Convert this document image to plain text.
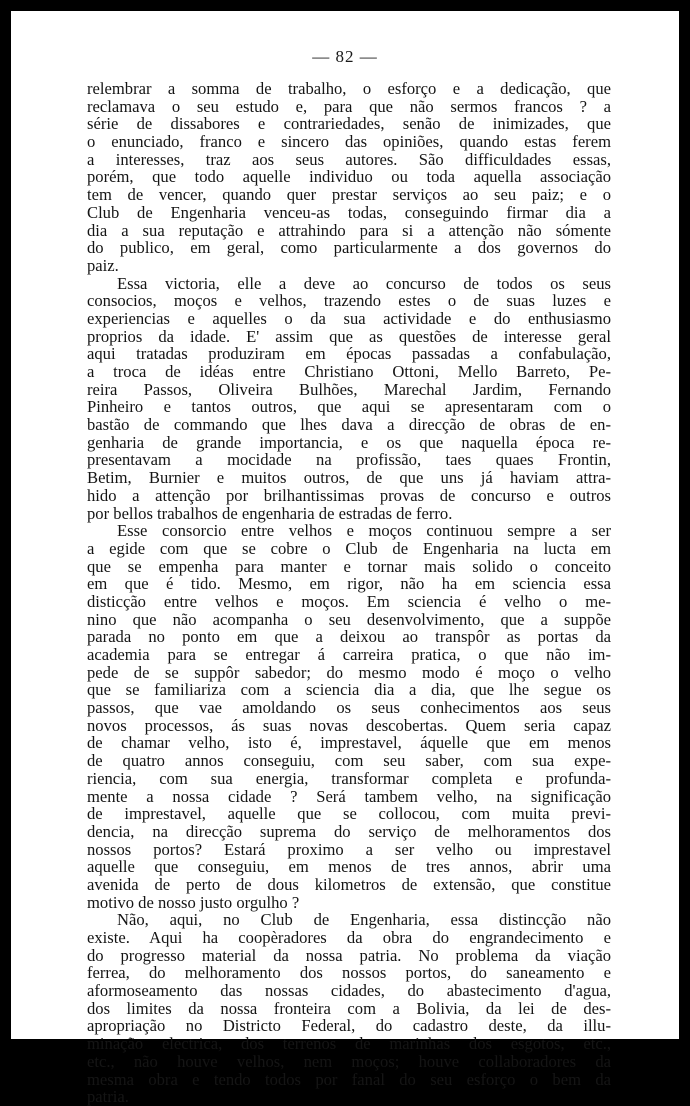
— 82 —
relembrar a somma de trabalho, o esforço e a dedicação, que
reclamava o seu estudo e, para que não sermos francos ? a
série de dissabores e contrariedades, senão de inimizades, que
o enunciado, franco e sincero das opiniões, quando estas ferem
a interesses, traz aos seus autores. São difficuldades essas,
porém, que todo aquelle individuo ou toda aquella associação
tem de vencer, quando quer prestar serviços ao seu paiz; e o
Club de Engenharia venceu-as todas, conseguindo firmar dia a
dia a sua reputação e attrahindo para si a attenção não sómente
do publico, em geral, como particularmente a dos governos do
paiz.
Essa victoria, elle a deve ao concurso de todos os seus
consocios, moços e velhos, trazendo estes o de suas luzes e
experiencias e aquelles o da sua actividade e do enthusiasmo
proprios da idade. E' assim que as questões de interesse geral
aqui tratadas produziram em épocas passadas a confabulação,
a troca de idéas entre Christiano Ottoni, Mello Barreto, Pe-
reira Passos, Oliveira Bulhões, Marechal Jardim, Fernando
Pinheiro e tantos outros, que aqui se apresentaram com o
bastão de commando que lhes dava a direcção de obras de en-
genharia de grande importancia, e os que naquella época re-
presentavam a mocidade na profissão, taes quaes Frontin,
Betim, Burnier e muitos outros, de que uns já haviam attra-
hido a attenção por brilhantissimas provas de concurso e outros
por bellos trabalhos de engenharia de estradas de ferro.
Esse consorcio entre velhos e moços continuou sempre a ser
a egide com que se cobre o Club de Engenharia na lucta em
que se empenha para manter e tornar mais solido o conceito
em que é tido. Mesmo, em rigor, não ha em sciencia essa
disticção entre velhos e moços. Em sciencia é velho o me-
nino que não acompanha o seu desenvolvimento, que a suppõe
parada no ponto em que a deixou ao transpôr as portas da
academia para se entregar á carreira pratica, o que não im-
pede de se suppôr sabedor; do mesmo modo é moço o velho
que se familiariza com a sciencia dia a dia, que lhe segue os
passos, que vae amoldando os seus conhecimentos aos seus
novos processos, ás suas novas descobertas. Quem seria capaz
de chamar velho, isto é, imprestavel, áquelle que em menos
de quatro annos conseguiu, com seu saber, com sua expe-
riencia, com sua energia, transformar completa e profunda-
mente a nossa cidade ? Será tambem velho, na significação
de imprestavel, aquelle que se collocou, com muita previ-
dencia, na direcção suprema do serviço de melhoramentos dos
nossos portos? Estará proximo a ser velho ou imprestavel
aquelle que conseguiu, em menos de tres annos, abrir uma
avenida de perto de dous kilometros de extensão, que constitue
motivo de nosso justo orgulho ?
Não, aqui, no Club de Engenharia, essa distincção não
existe. Aqui ha coopèradores da obra do engrandecimento e
do progresso material da nossa patria. No problema da viação
ferrea, do melhoramento dos nossos portos, do saneamento e
aformoseamento das nossas cidades, do abastecimento d'agua,
dos limites da nossa fronteira com a Bolivia, da lei de des-
apropriação no Districto Federal, do cadastro deste, da illu-
minação electrica, dos terrenos de marinhas dos esgotos, etc.,
etc., não houve velhos, nem moços; houve collaboradores da
mesma obra e tendo todos por fanal do seu esforço o bem da
patria.
